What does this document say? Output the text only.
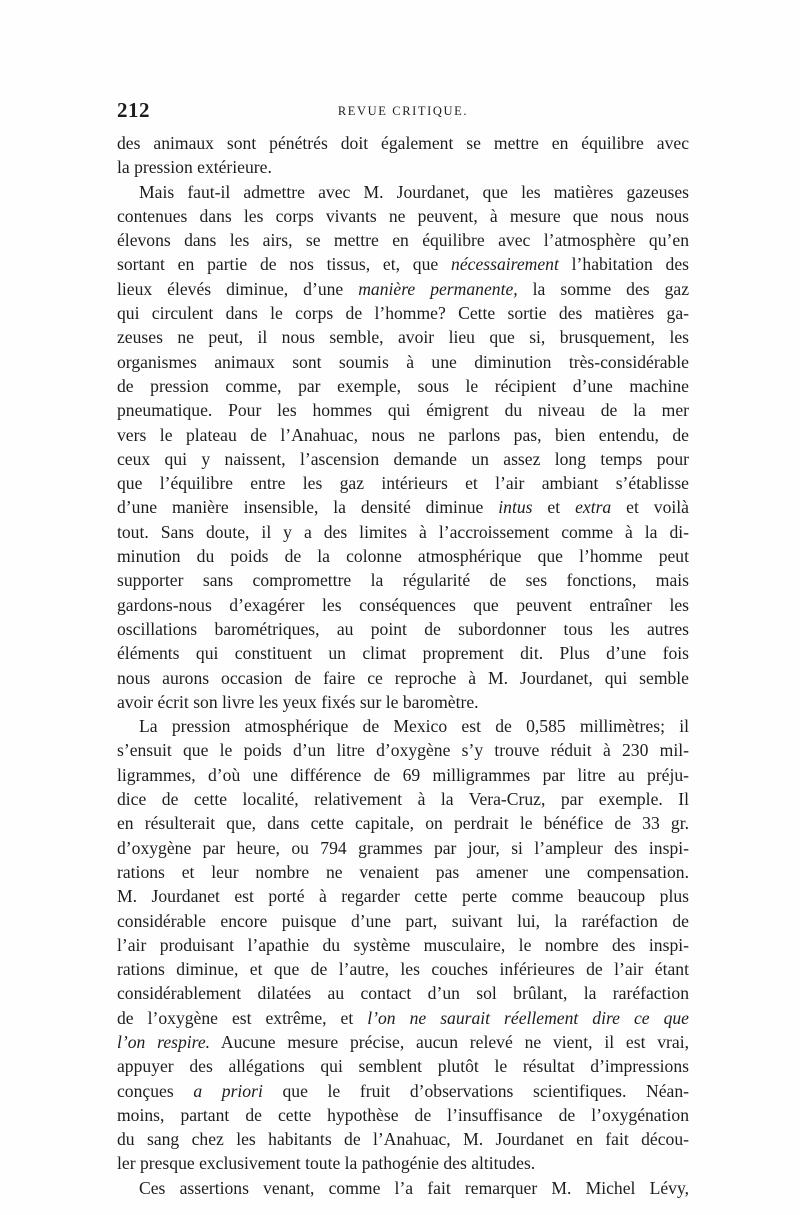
212	REVUE CRITIQUE.
des animaux sont pénétrés doit également se mettre en équilibre avec
la pression extérieure.
Mais faut-il admettre avec M. Jourdanet, que les matières gazeuses
contenues dans les corps vivants ne peuvent, à mesure que nous nous
élevons dans les airs, se mettre en équilibre avec l’atmosphère qu’en
sortant en partie de nos tissus, et, que nécessairement l’habitation des
lieux élevés diminue, d’une manière permanente, la somme des gaz
qui circulent dans le corps de l’homme? Cette sortie des matières ga-
zeuses ne peut, il nous semble, avoir lieu que si, brusquement, les
organismes animaux sont soumis à une diminution très-considérable
de pression comme, par exemple, sous le récipient d’une machine
pneumatique. Pour les hommes qui émigrent du niveau de la mer
vers le plateau de l’Anahuac, nous ne parlons pas, bien entendu, de
ceux qui y naissent, l’ascension demande un assez long temps pour
que l’équilibre entre les gaz intérieurs et l’air ambiant s’établisse
d’une manière insensible, la densité diminue intus et extra et voilà
tout. Sans doute, il y a des limites à l’accroissement comme à la di-
minution du poids de la colonne atmosphérique que l’homme peut
supporter sans compromettre la régularité de ses fonctions, mais
gardons-nous d’exagérer les conséquences que peuvent entraîner les
oscillations barométriques, au point de subordonner tous les autres
éléments qui constituent un climat proprement dit. Plus d’une fois
nous aurons occasion de faire ce reproche à M. Jourdanet, qui semble
avoir écrit son livre les yeux fixés sur le baromètre.
La pression atmosphérique de Mexico est de 0,585 millimètres; il
s’ensuit que le poids d’un litre d’oxygène s’y trouve réduit à 230 mil-
ligrammes, d’où une différence de 69 milligrammes par litre au préju-
dice de cette localité, relativement à la Vera-Cruz, par exemple. Il
en résulterait que, dans cette capitale, on perdrait le bénéfice de 33 gr.
d’oxygène par heure, ou 794 grammes par jour, si l’ampleur des inspi-
rations et leur nombre ne venaient pas amener une compensation.
M. Jourdanet est porté à regarder cette perte comme beaucoup plus
considérable encore puisque d’une part, suivant lui, la raréfaction de
l’air produisant l’apathie du système musculaire, le nombre des inspi-
rations diminue, et que de l’autre, les couches inférieures de l’air étant
considérablement dilatées au contact d’un sol brûlant, la raréfaction
de l’oxygène est extrême, et l’on ne saurait réellement dire ce que
l’on respire. Aucune mesure précise, aucun relevé ne vient, il est vrai,
appuyer des allégations qui semblent plutôt le résultat d’impressions
conçues a priori que le fruit d’observations scientifiques. Néan-
moins, partant de cette hypothèse de l’insuffisance de l’oxygénation
du sang chez les habitants de l’Anahuac, M. Jourdanet en fait décou-
ler presque exclusivement toute la pathogénie des altitudes.
Ces assertions venant, comme l’a fait remarquer M. Michel Lévy,
